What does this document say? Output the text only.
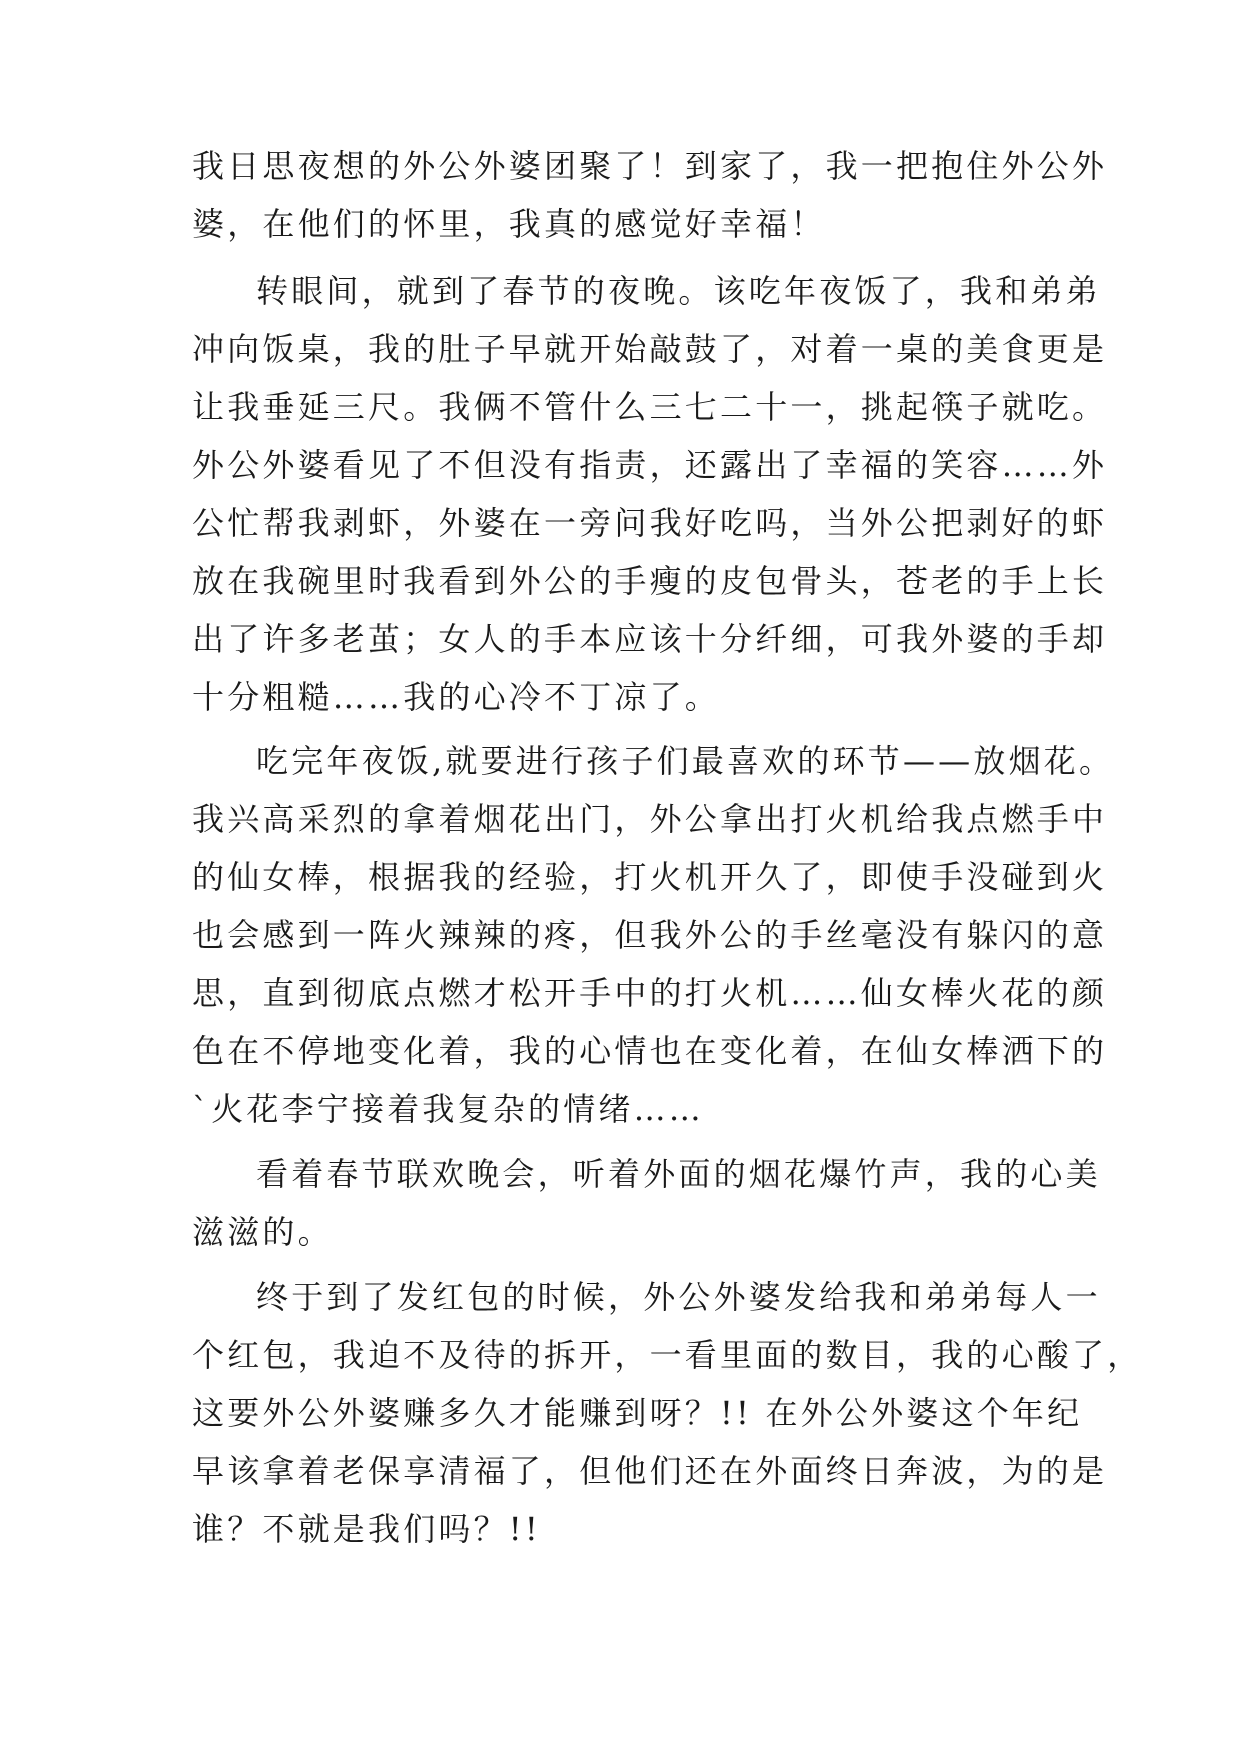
我日思夜想的外公外婆团聚了！到家了，我一把抱住外公外
婆，在他们的怀里，我真的感觉好幸福！
转眼间，就到了春节的夜晚。该吃年夜饭了，我和弟弟
冲向饭桌，我的肚子早就开始敲鼓了，对着一桌的美食更是
让我垂延三尺。我俩不管什么三七二十一，挑起筷子就吃。
外公外婆看见了不但没有指责，还露出了幸福的笑容……外
公忙帮我剥虾，外婆在一旁问我好吃吗，当外公把剥好的虾
放在我碗里时我看到外公的手瘦的皮包骨头，苍老的手上长
出了许多老茧；女人的手本应该十分纤细，可我外婆的手却
十分粗糙……我的心冷不丁凉了。
吃完年夜饭,就要进行孩子们最喜欢的环节——放烟花。
我兴高采烈的拿着烟花出门，外公拿出打火机给我点燃手中
的仙女棒，根据我的经验，打火机开久了，即使手没碰到火
也会感到一阵火辣辣的疼，但我外公的手丝毫没有躲闪的意
思，直到彻底点燃才松开手中的打火机……仙女棒火花的颜
色在不停地变化着，我的心情也在变化着，在仙女棒洒下的
`火花李宁接着我复杂的情绪……
看着春节联欢晚会，听着外面的烟花爆竹声，我的心美
滋滋的。
终于到了发红包的时候，外公外婆发给我和弟弟每人一
个红包，我迫不及待的拆开，一看里面的数目，我的心酸了，
这要外公外婆赚多久才能赚到呀？!! 在外公外婆这个年纪
早该拿着老保享清福了，但他们还在外面终日奔波，为的是
谁？不就是我们吗？!!
